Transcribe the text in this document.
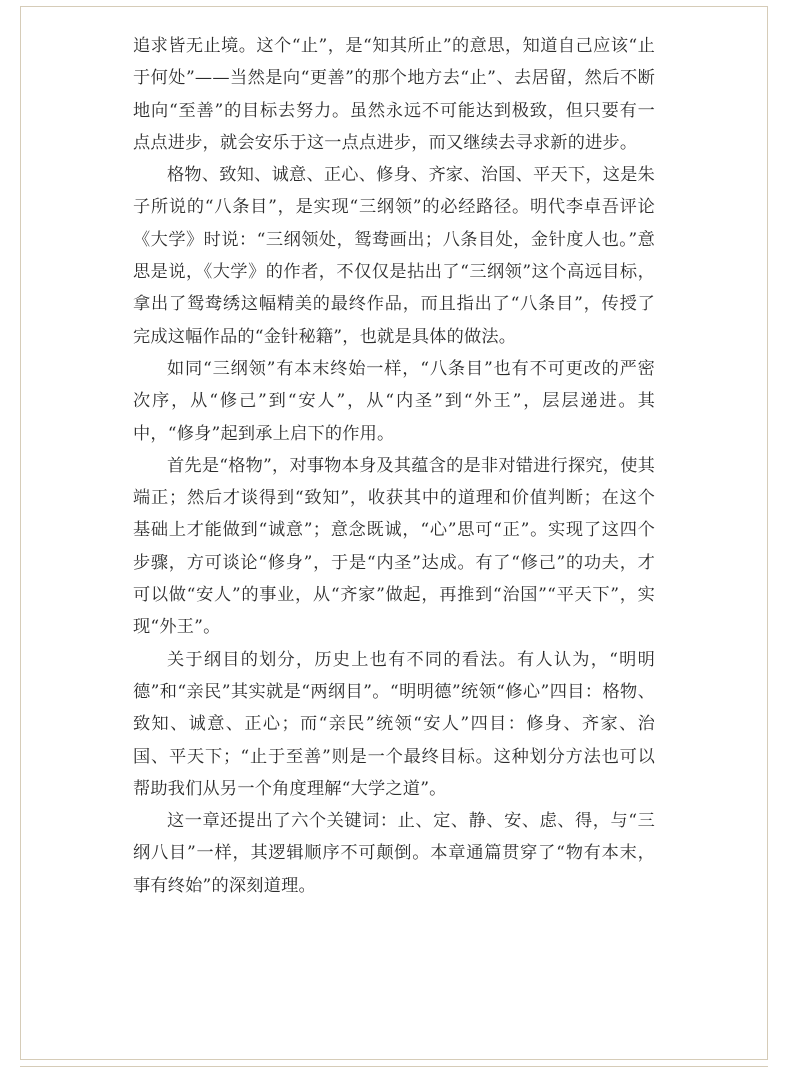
追求皆无止境。这个“止”，是“知其所止”的意思，知道自己应该“止于何处”——当然是向“更善”的那个地方去“止”、去居留，然后不断地向“至善”的目标去努力。虽然永远不可能达到极致，但只要有一点点进步，就会安乐于这一点点进步，而又继续去寻求新的进步。

格物、致知、诚意、正心、修身、齐家、治国、平天下，这是朱子所说的“八条目”，是实现“三纲领”的必经路径。明代李卓吾评论《大学》时说：“三纲领处，鸳鸯画出；八条目处，金针度人也。”意思是说，《大学》的作者，不仅仅是拈出了“三纲领”这个高远目标，拿出了鸳鸯绣这幅精美的最终作品，而且指出了“八条目”，传授了完成这幅作品的“金针秘籍”，也就是具体的做法。

如同“三纲领”有本末终始一样，“八条目”也有不可更改的严密次序，从“修己”到“安人”，从“内圣”到“外王”，层层递进。其中，“修身”起到承上启下的作用。

首先是“格物”，对事物本身及其蕴含的是非对错进行探究，使其端正；然后才谈得到“致知”，收获其中的道理和价值判断；在这个基础上才能做到“诚意”；意念既诚，“心”思可“正”。实现了这四个步骤，方可谈论“修身”，于是“内圣”达成。有了“修己”的功夫，才可以做“安人”的事业，从“齐家”做起，再推到“治国”“平天下”，实现“外王”。

关于纲目的划分，历史上也有不同的看法。有人认为，“明明德”和“亲民”其实就是“两纲目”。“明明德”统领“修心”四目：格物、致知、诚意、正心；而“亲民”统领“安人”四目：修身、齐家、治国、平天下；“止于至善”则是一个最终目标。这种划分方法也可以帮助我们从另一个角度理解“大学之道”。

这一章还提出了六个关键词：止、定、静、安、虑、得，与“三纲八目”一样，其逻辑顺序不可颠倒。本章通篇贯穿了“物有本末，事有终始”的深刻道理。
